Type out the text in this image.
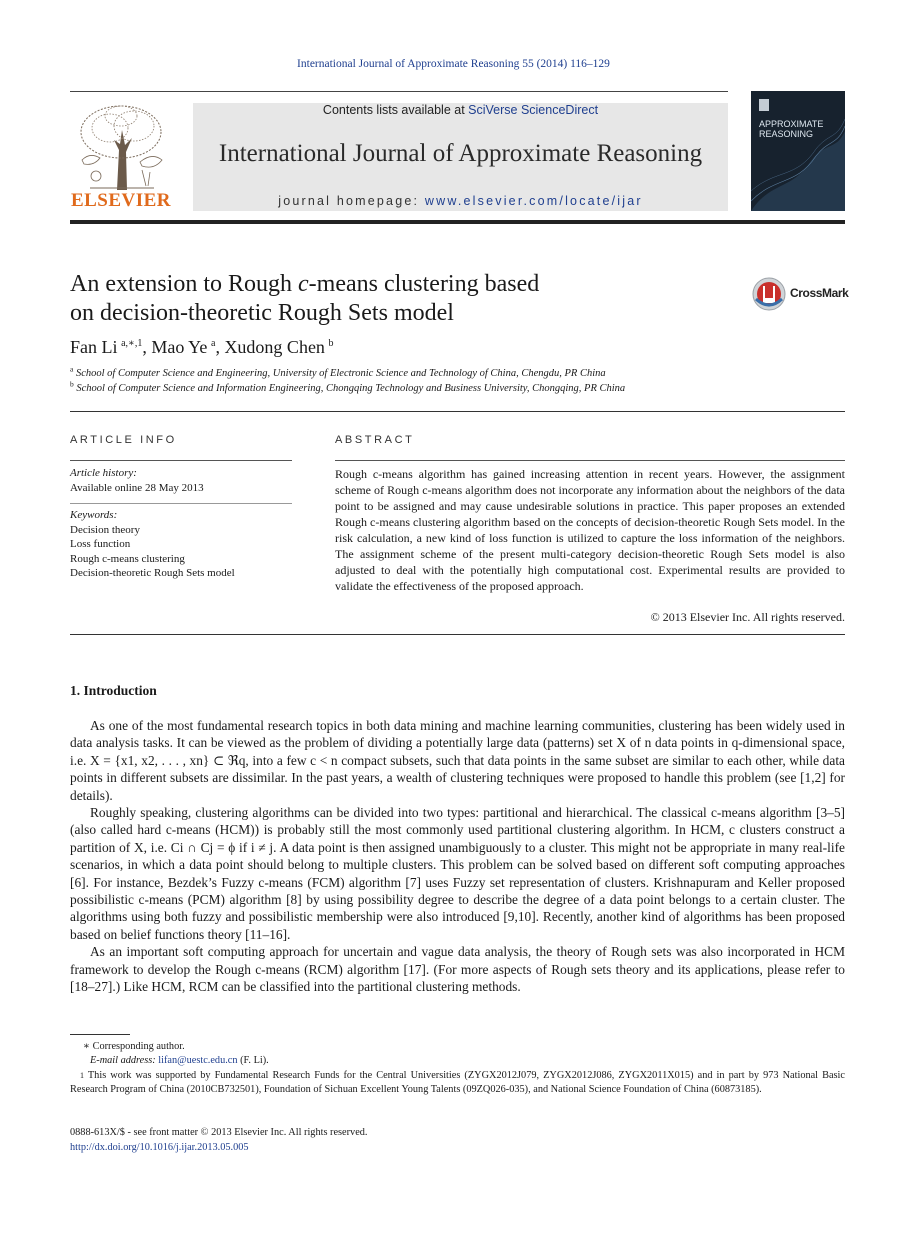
International Journal of Approximate Reasoning 55 (2014) 116–129
ELSEVIER
Contents lists available at SciVerse ScienceDirect
International Journal of Approximate Reasoning
journal homepage: www.elsevier.com/locate/ijar
APPROXIMATE
REASONING
An extension to Rough c-means clustering based
on decision-theoretic Rough Sets model
CrossMark
Fan Li  $^{a,∗,1}$, Mao Ye  $^a$, Xudong Chen  $^b$
$^a$ School of Computer Science and Engineering, University of Electronic Science and Technology of China, Chengdu, PR China
$^b$ School of Computer Science and Information Engineering, Chongqing Technology and Business University, Chongqing, PR China
ARTICLE INFO	ABSTRACT
Article history:
Available online 28 May 2013
Keywords:
Decision theory
Loss function
Rough c-means clustering
Decision-theoretic Rough Sets model

Rough c-means algorithm has gained increasing attention in recent years. However, the assignment scheme of Rough c-means algorithm does not incorporate any information about the neighbors of the data point to be assigned and may cause undesirable solutions in practice. This paper proposes an extended Rough c-means clustering algorithm based on the concepts of decision-theoretic Rough Sets model. In the risk calculation, a new kind of loss function is utilized to capture the loss information of the neighbors. The assignment scheme of the present multi-category decision-theoretic Rough Sets model is also adjusted to deal with the potentially high computational cost. Experimental results are provided to validate the effectiveness of the proposed approach.

© 2013 Elsevier Inc. All rights reserved.
1. Introduction

As one of the most fundamental research topics in both data mining and machine learning communities, clustering has been widely used in data analysis tasks. It can be viewed as the problem of dividing a potentially large data (patterns) set X of n data points in q-dimensional space, i.e. X = {x1, x2, . . . , xn} ⊂ ℜq, into a few c < n compact subsets, such that data points in the same subset are similar to each other, while data points in different subsets are dissimilar. In the past years, a wealth of clustering techniques were proposed to handle this problem (see [1,2] for details).

Roughly speaking, clustering algorithms can be divided into two types: partitional and hierarchical. The classical c-means algorithm [3–5] (also called hard c-means (HCM)) is probably still the most commonly used partitional clustering algorithm. In HCM, c clusters construct a partition of X, i.e. Ci ∩ Cj = ϕ if i ≠ j. A data point is then assigned unambiguously to a cluster. This might not be appropriate in many real-life scenarios, in which a data point should belong to multiple clusters. This problem can be solved based on different soft computing approaches [6]. For instance, Bezdek’s Fuzzy c-means (FCM) algorithm [7] uses Fuzzy set representation of clusters. Krishnapuram and Keller proposed possibilistic c-means (PCM) algorithm [8] by using possibility degree to describe the degree of a data point belongs to a certain cluster. The algorithms using both fuzzy and possibilistic membership were also introduced [9,10]. Recently, another kind of algorithms has been proposed based on belief functions theory [11–16].

As an important soft computing approach for uncertain and vague data analysis, the theory of Rough sets was also incorporated in HCM framework to develop the Rough c-means (RCM) algorithm [17]. (For more aspects of Rough sets theory and its applications, please refer to [18–27].) Like HCM, RCM can be classified into the partitional clustering methods.

∗ Corresponding author.
E-mail address: lifan@uestc.edu.cn (F. Li).
1 This work was supported by Fundamental Research Funds for the Central Universities (ZYGX2012J079, ZYGX2012J086, ZYGX2011X015) and in part by 973 National Basic Research Program of China (2010CB732501), Foundation of Sichuan Excellent Young Talents (09ZQ026-035), and National Science Foundation of China (60873185).
0888-613X/$ - see front matter © 2013 Elsevier Inc. All rights reserved.
http://dx.doi.org/10.1016/j.ijar.2013.05.005
